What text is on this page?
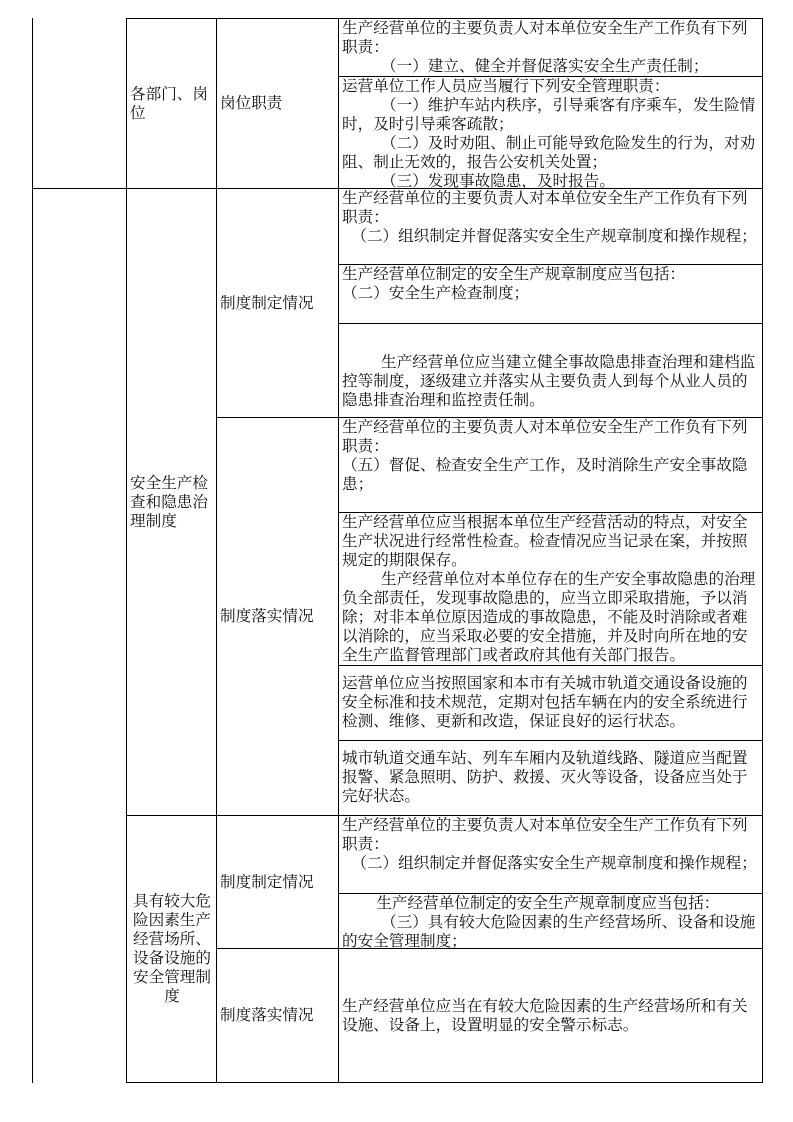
各部门、岗位

岗位职责

生产经营单位的主要负责人对本单位安全生产工作负有下列职责：

（一）建立、健全并督促落实安全生产责任制；

运营单位工作人员应当履行下列安全管理职责：

（一）维护车站内秩序，引导乘客有序乘车，发生险情时，及时引导乘客疏散；

（二）及时劝阻、制止可能导致危险发生的行为，对劝阻、制止无效的，报告公安机关处置；

（三）发现事故隐患，及时报告。

安全生产检查和隐患治理制度

制度制定情况

制度落实情况

生产经营单位的主要负责人对本单位安全生产工作负有下列职责：

（二）组织制定并督促落实安全生产规章制度和操作规程；

生产经营单位制定的安全生产规章制度应当包括：

（二）安全生产检查制度；

生产经营单位应当建立健全事故隐患排查治理和建档监控等制度，逐级建立并落实从主要负责人到每个从业人员的隐患排查治理和监控责任制。

生产经营单位的主要负责人对本单位安全生产工作负有下列职责：

（五）督促、检查安全生产工作，及时消除生产安全事故隐患；

生产经营单位应当根据本单位生产经营活动的特点，对安全生产状况进行经常性检查。检查情况应当记录在案，并按照规定的期限保存。

生产经营单位对本单位存在的生产安全事故隐患的治理负全部责任，发现事故隐患的，应当立即采取措施，予以消除；对非本单位原因造成的事故隐患，不能及时消除或者难以消除的，应当采取必要的安全措施，并及时向所在地的安全生产监督管理部门或者政府其他有关部门报告。

运营单位应当按照国家和本市有关城市轨道交通设备设施的安全标准和技术规范，定期对包括车辆在内的安全系统进行检测、维修、更新和改造，保证良好的运行状态。

城市轨道交通车站、列车车厢内及轨道线路、隧道应当配置报警、紧急照明、防护、救援、灭火等设备，设备应当处于完好状态。

具有较大危险因素生产经营场所、设备设施的安全管理制度

制度制定情况

制度落实情况

生产经营单位的主要负责人对本单位安全生产工作负有下列职责：

（二）组织制定并督促落实安全生产规章制度和操作规程；

生产经营单位制定的安全生产规章制度应当包括：

（三）具有较大危险因素的生产经营场所、设备和设施的安全管理制度；

生产经营单位应当在有较大危险因素的生产经营场所和有关设施、设备上，设置明显的安全警示标志。
